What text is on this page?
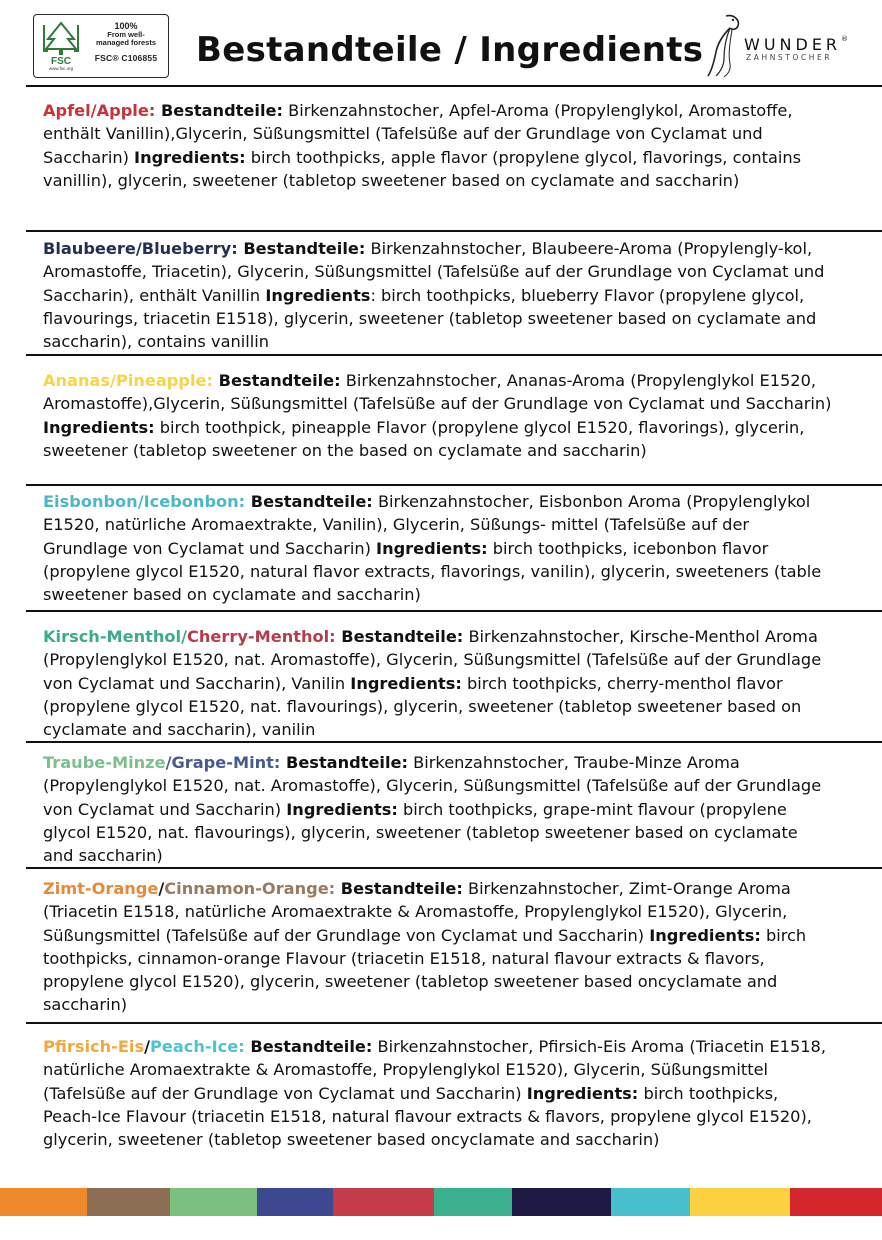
FSC
www.fsc.org
100%
From well-
managed forests
FSC® C106855 Bestandteile / Ingredients	WUNDER®
ZAHNSTOCHER
Apfel/Apple: Bestandteile: Birkenzahnstocher, Apfel-Aroma (Propylenglykol, Aromastoffe, enthält Vanillin),Glycerin, Süßungsmittel (Tafelsüße auf der Grundlage von Cyclamat und Saccharin) Ingredients: birch toothpicks, apple flavor (propylene glycol, flavorings, contains vanillin), glycerin, sweetener (tabletop sweetener based on cyclamate and saccharin)
Blaubeere/Blueberry: Bestandteile: Birkenzahnstocher, Blaubeere-Aroma (Propylengly-kol, Aromastoffe, Triacetin), Glycerin, Süßungsmittel (Tafelsüße auf der Grundlage von Cyclamat und Saccharin), enthält Vanillin Ingredients: birch toothpicks, blueberry Flavor (propylene glycol, flavourings, triacetin E1518), glycerin, sweetener (tabletop sweetener based on cyclamate and saccharin), contains vanillin
Ananas/Pineapple: Bestandteile: Birkenzahnstocher, Ananas-Aroma (Propylenglykol E1520, Aromastoffe),Glycerin, Süßungsmittel (Tafelsüße auf der Grundlage von Cyclamat und Saccharin) Ingredients: birch toothpick, pineapple Flavor (propylene glycol E1520, flavorings), glycerin, sweetener (tabletop sweetener on the based on cyclamate and saccharin)
Eisbonbon/Icebonbon: Bestandteile: Birkenzahnstocher, Eisbonbon Aroma (Propylenglykol E1520, natürliche Aromaextrakte, Vanilin), Glycerin, Süßungs- mittel (Tafelsüße auf der Grundlage von Cyclamat und Saccharin) Ingredients: birch toothpicks, icebonbon flavor (propylene glycol E1520, natural flavor extracts, flavorings, vanilin), glycerin, sweeteners (table sweetener based on cyclamate and saccharin)
Kirsch-Menthol/Cherry-Menthol: Bestandteile: Birkenzahnstocher, Kirsche-Menthol Aroma (Propylenglykol E1520, nat. Aromastoffe), Glycerin, Süßungsmittel (Tafelsüße auf der Grundlage von Cyclamat und Saccharin), Vanilin Ingredients: birch toothpicks, cherry-menthol flavor (propylene glycol E1520, nat. flavourings), glycerin, sweetener (tabletop sweetener based on cyclamate and saccharin), vanilin
Traube-Minze/Grape-Mint: Bestandteile: Birkenzahnstocher, Traube-Minze Aroma (Propylenglykol E1520, nat. Aromastoffe), Glycerin, Süßungsmittel (Tafelsüße auf der Grundlage von Cyclamat und Saccharin) Ingredients: birch toothpicks, grape-mint flavour (propylene glycol E1520, nat. flavourings), glycerin, sweetener (tabletop sweetener based on cyclamate and saccharin)
Zimt-Orange/Cinnamon-Orange: Bestandteile: Birkenzahnstocher, Zimt-Orange Aroma (Triacetin E1518, natürliche Aromaextrakte & Aromastoffe, Propylenglykol E1520), Glycerin, Süßungsmittel (Tafelsüße auf der Grundlage von Cyclamat und Saccharin) Ingredients: birch toothpicks, cinnamon-orange Flavour (triacetin E1518, natural flavour extracts & flavors, propylene glycol E1520), glycerin, sweetener (tabletop sweetener based oncyclamate and saccharin)
Pfirsich-Eis/Peach-Ice: Bestandteile: Birkenzahnstocher, Pfirsich-Eis Aroma (Triacetin E1518, natürliche Aromaextrakte & Aromastoffe, Propylenglykol E1520), Glycerin, Süßungsmittel (Tafelsüße auf der Grundlage von Cyclamat und Saccharin) Ingredients: birch toothpicks, Peach-Ice Flavour (triacetin E1518, natural flavour extracts & flavors, propylene glycol E1520), glycerin, sweetener (tabletop sweetener based oncyclamate and saccharin)
